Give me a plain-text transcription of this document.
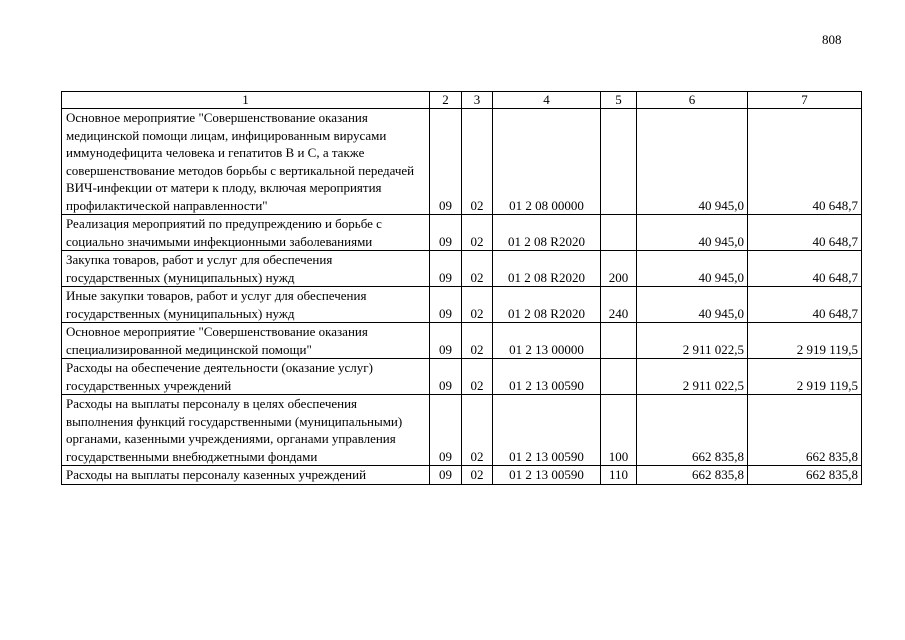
808
1	2	3	4	5	6	7
Основное мероприятие "Совершенствование оказания медицинской помощи лицам, инфицированным вирусами иммунодефицита человека и гепатитов В и С, а также совершенствование методов борьбы с вертикальной передачей ВИЧ-инфекции от матери к плоду, включая мероприятия профилактической направленности"	09	02	01 2 08 00000		40 945,0	40 648,7
Реализация мероприятий по предупреждению и борьбе с социально значимыми инфекционными заболеваниями	09	02	01 2 08 R2020		40 945,0	40 648,7
Закупка товаров, работ и услуг для обеспечения государственных (муниципальных) нужд	09	02	01 2 08 R2020	200	40 945,0	40 648,7
Иные закупки товаров, работ и услуг для обеспечения государственных (муниципальных) нужд	09	02	01 2 08 R2020	240	40 945,0	40 648,7
Основное мероприятие "Совершенствование оказания специализированной медицинской помощи"	09	02	01 2 13 00000		2 911 022,5	2 919 119,5
Расходы на обеспечение деятельности (оказание услуг) государственных учреждений	09	02	01 2 13 00590		2 911 022,5	2 919 119,5
Расходы на выплаты персоналу в целях обеспечения выполнения функций государственными (муниципальными) органами, казенными учреждениями, органами управления государственными внебюджетными фондами	09	02	01 2 13 00590	100	662 835,8	662 835,8
Расходы на выплаты персоналу казенных учреждений	09	02	01 2 13 00590	110	662 835,8	662 835,8
